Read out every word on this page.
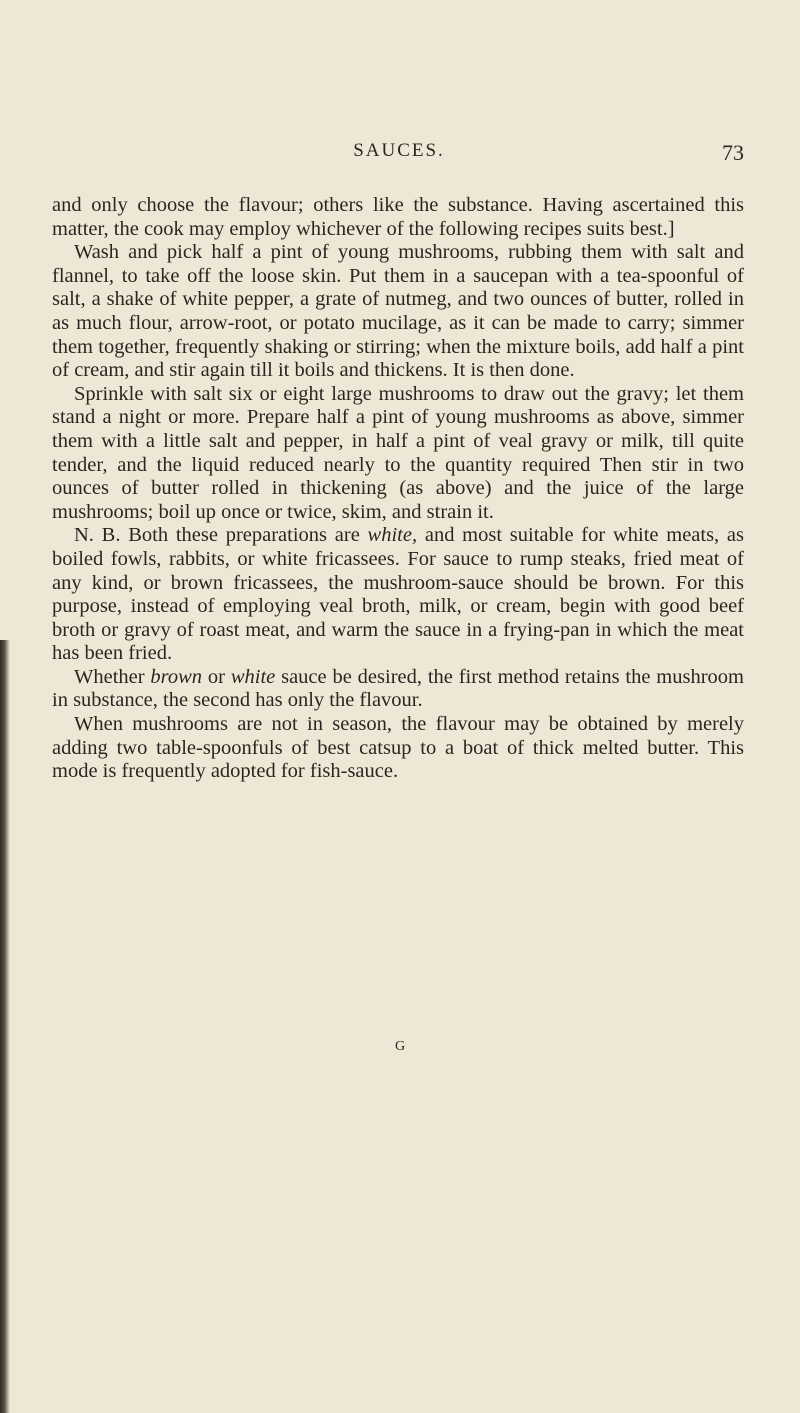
SAUCES.	73

and only choose the flavour; others like the substance. Having ascertained this matter, the cook may employ whichever of the following recipes suits best.]

Wash and pick half a pint of young mushrooms, rubbing them with salt and flannel, to take off the loose skin. Put them in a saucepan with a tea-spoonful of salt, a shake of white pepper, a grate of nutmeg, and two ounces of butter, rolled in as much flour, arrow-root, or potato mucilage, as it can be made to carry; simmer them together, frequently shaking or stirring; when the mixture boils, add half a pint of cream, and stir again till it boils and thickens. It is then done.

Sprinkle with salt six or eight large mushrooms to draw out the gravy; let them stand a night or more. Prepare half a pint of young mushrooms as above, simmer them with a little salt and pepper, in half a pint of veal gravy or milk, till quite tender, and the liquid reduced nearly to the quantity required Then stir in two ounces of butter rolled in thickening (as above) and the juice of the large mushrooms; boil up once or twice, skim, and strain it.

N. B. Both these preparations are white, and most suitable for white meats, as boiled fowls, rabbits, or white fricassees. For sauce to rump steaks, fried meat of any kind, or brown fricassees, the mushroom-sauce should be brown. For this purpose, instead of employing veal broth, milk, or cream, begin with good beef broth or gravy of roast meat, and warm the sauce in a frying-pan in which the meat has been fried.

Whether brown or white sauce be desired, the first method retains the mushroom in substance, the second has only the flavour.

When mushrooms are not in season, the flavour may be obtained by merely adding two table-spoonfuls of best catsup to a boat of thick melted butter. This mode is frequently adopted for fish-sauce.

G
